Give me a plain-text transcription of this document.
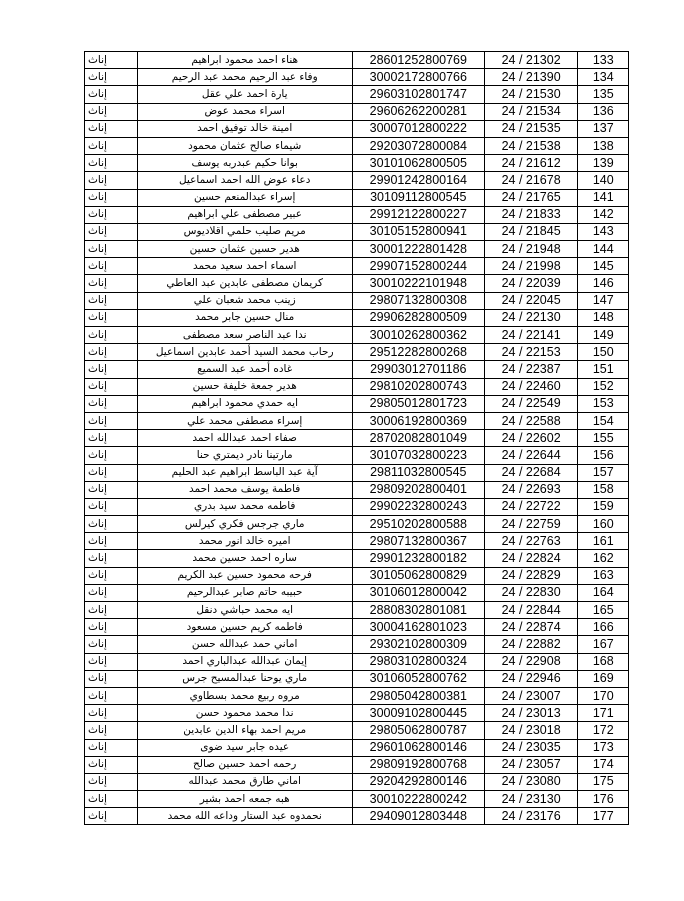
إناث	هناء احمد محمود ابراهيم	28601252800769	24 / 21302	133
إناث	وفاء عبد الرحيم محمد عبد الرحيم	30002172800766	24 / 21390	134
إناث	يارة احمد علي عقل	29603102801747	24 / 21530	135
إناث	اسراء محمد عوض	29606262200281	24 / 21534	136
إناث	امينة خالد توفيق احمد	30007012800222	24 / 21535	137
إناث	شيماء صالح عثمان محمود	29203072800084	24 / 21538	138
إناث	بوانا حكيم عبدربه يوسف	30101062800505	24 / 21612	139
إناث	دعاء عوض الله احمد اسماعيل	29901242800164	24 / 21678	140
إناث	إسراء عبدالمنعم حسين	30109112800545	24 / 21765	141
إناث	عبير مصطفى علي ابراهيم	29912122800227	24 / 21833	142
إناث	مريم صليب حلمي اقلاديوس	30105152800941	24 / 21845	143
إناث	هدير حسين عثمان حسين	30001222801428	24 / 21948	144
إناث	اسماء احمد سعيد محمد	29907152800244	24 / 21998	145
إناث	كريمان مصطفى عابدين عبد العاطي	30010222101948	24 / 22039	146
إناث	زينب محمد شعبان علي	29807132800308	24 / 22045	147
إناث	منال حسين جابر محمد	29906282800509	24 / 22130	148
إناث	ندا عبد الناصر سعد مصطفى	30010262800362	24 / 22141	149
إناث	رحاب محمد السيد أحمد عابدين اسماعيل	29512282800268	24 / 22153	150
إناث	غاده أحمد عبد السميع	29903012701186	24 / 22387	151
إناث	هدير جمعة خليفة حسين	29810202800743	24 / 22460	152
إناث	ايه حمدي محمود ابراهيم	29805012801723	24 / 22549	153
إناث	إسراء مصطفى محمد علي	30006192800369	24 / 22588	154
إناث	صفاء احمد عبدالله احمد	28702082801049	24 / 22602	155
إناث	مارتينا نادر ديمتري حنا	30107032800223	24 / 22644	156
إناث	آية عبد الباسط ابراهيم عبد الحليم	29811032800545	24 / 22684	157
إناث	فاطمة يوسف محمد احمد	29809202800401	24 / 22693	158
إناث	فاطمه محمد سيد بدري	29902232800243	24 / 22722	159
إناث	ماري جرجس فكري كيرلس	29510202800588	24 / 22759	160
إناث	اميره خالد انور محمد	29807132800367	24 / 22763	161
إناث	ساره احمد حسين محمد	29901232800182	24 / 22824	162
إناث	فرحه محمود حسين عبد الكريم	30105062800829	24 / 22829	163
إناث	حبيبه حاتم صابر عبدالرحيم	30106012800042	24 / 22830	164
إناث	ايه محمد حباشي دنقل	28808302801081	24 / 22844	165
إناث	فاطمه كريم حسين مسعود	30004162801023	24 / 22874	166
إناث	اماني حمد عبدالله حسن	29302102800309	24 / 22882	167
إناث	إيمان عبدالله عبدالباري احمد	29803102800324	24 / 22908	168
إناث	ماري يوحنا عبدالمسيح جرس	30106052800762	24 / 22946	169
إناث	مروه ربيع محمد بسطاوي	29805042800381	24 / 23007	170
إناث	ندا محمد محمود حسن	30009102800445	24 / 23013	171
إناث	مريم احمد بهاء الدين عابدين	29805062800787	24 / 23018	172
إناث	عيده جابر سيد ضوى	29601062800146	24 / 23035	173
إناث	رحمه احمد حسين صالح	29809192800768	24 / 23057	174
إناث	اماني طارق محمد عبدالله	29204292800146	24 / 23080	175
إناث	هبه جمعه احمد بشير	30010222800242	24 / 23130	176
إناث	نحمدوه عبد الستار وداعه الله محمد	29409012803448	24 / 23176	177
